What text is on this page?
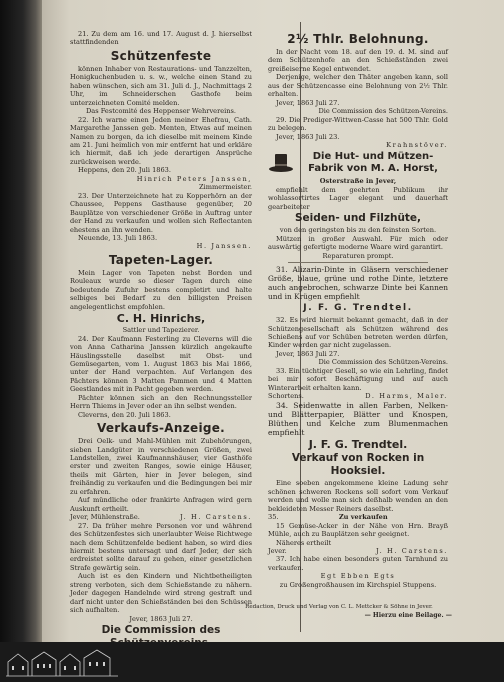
21. Zu dem am 16. und 17. August d. J. hierselbst stattfindenden

Schützenfeste

können Inhaber von Restaurations- und Tanzzelten, Honigkuchenbuden u. s. w., welche einen Stand zu haben wünschen, sich am 31. Juli d. J., Nachmittags 2 Uhr, im Schneiderschen Gasthofe beim unterzeichneten Comité melden.

Das Festcomité des Heppenser Wehrvereins.

22. Ich warne einen Jeden meiner Ehefrau, Cath. Margarethe Janssen geb. Menten, Etwas auf meinen Namen zu borgen, da ich dieselbe mit meinem Kinde am 21. Juni heimlich von mir entfernt hat und erkläre ich hiermit, daß ich jede derartigen Ansprüche zurückweisen werde.

Heppens, den 20. Juli 1863.

Hinrich Peters Janssen,

Zimmermeister.

23. Der Unterzeichnete hat zu Kopperhörn an der Chaussee, Peppens Gasthause gegenüber, 20 Bauplätze von verschiedener Größe in Auftrag unter der Hand zu verkaufen und wollen sich Reflectanten ehestens an ihn wenden.

Neuende, 13. Juli 1863.

H. Janssen.

Tapeten-Lager.

Mein Lager von Tapeten nebst Borden und Rouleaux wurde so dieser Tagen durch eine bedeutende Zufuhr bestens completirt und halte selbiges bei Bedarf zu den billigsten Preisen angelegentlichst empfohlen.

C. H. Hinrichs,

Sattler und Tapezierer.

24. Der Kaufmann Festerling zu Cleverns will die von Anna Catharina Janssen kürzlich angekaufte Häuslingsstelle daselbst mit Obst- und Gemüsegarten, vom 1. August 1863 bis Mai 1866, unter der Hand verpachten. Auf Verlangen des Pächters können 3 Matten Pammen und 4 Matten Geestlandes mit in Pacht gegeben werden.

Pächter können sich an den Rechnungssteller Herrn Thiems in Jever oder an ihn selbst wenden.

Cleverns, den 20. Juli 1863.

Verkaufs-Anzeige.

Drei Oelk- und Mahl-Mühlen mit Zubehörungen, sieben Landgüter in verschiedenen Größen, zwei Landstellen, zwei Kaufmannshäuser, vier Gasthöfe erster und zweiten Ranges, sowie einige Häuser, theils mit Gärten, hier in Jever belegen, sind freihändig zu verkaufen und die Bedingungen bei mir zu erfahren.

Auf mündliche oder frankirte Anfragen wird gern Auskunft ertheilt.

Jever, Mühlenstraße.	J. H. Carstens.

27. Da früher mehre Personen vor und während des Schützenfestes sich unerlaubter Weise Richtwege nach dem Schützenfelde bedient haben, so wird dies hiermit bestens untersagt und darf Jeder, der sich erdreistet sollte darauf zu gehen, einer gesetzlichen Strafe gewärtig sein.

Auch ist es den Kindern und Nichtbetheiligten streng verboten, sich dem Schießstande zu nähern. Jeder dagegen Handelnde wird streng gestraft und darf nicht unter den Schießständen bei den Schüssen sich aufhalten.

Jever, 1863 Juli 27.

Die Commission des
2½ Thlr. Belohnung.

In der Nacht vom 18. auf den 19. d. M. sind auf dem Schützenhofe an den Schießständen zwei greißeiserne Kegel entwendet.

Derjenige, welcher den Thäter angeben kann, soll aus der Schützencasse eine Belohnung von 2½ Thlr. erhalten.

Jever, 1863 Juli 27.

Die Commission des Schützen-Vereins.

29. Die Prediger-Wittwen-Casse hat 500 Thlr. Gold zu belegen.

Jever, 1863 Juli 23.

Krahnstöver.

Die Hut- und Mützen-Fabrik von M. A. Horst,

Osterstraße in Jever,

empfiehlt dem geehrten Publikum ihr wohlassortirtes Lager elegant und dauerhaft gearbeiteter

Seiden- und Filzhüte,

von den geringsten bis zu den feinsten Sorten.

Mützen in großer Auswahl. Für mich oder auswärtig gefertigte moderne Waare wird garantirt.

Reparaturen prompt.

31. Alizarin-Dinte in Gläsern verschiedener Größe, blaue, grüne und rothe Dinte, letztere auch angebrochen, schwarze Dinte bei Kannen und in Krügen empfiehlt

J. F. G. Trendtel.

32. Es wird hiermit bekannt gemacht, daß in der Schützengesellschaft als Schützen während des Schießens auf vor Schüben betreten werden dürfen, Kinder werden gar nicht zugelassen.

Jever, 1863 Juli 27.

Die Commission des Schützen-Vereins.

33. Ein tüchtiger Gesell, so wie ein Lehrling, findet bei mir sofort Beschäftigung und auf auch Winterarbeit erhalten kann.

Schortens.	D. Harms, Maler.

34. Seidenwatte in allen Farben, Nelken- und Blätterpapier, Blätter und Knospen, Blüthen und Kelche zum Blumenmachen empfiehlt

J. F. G. Trendtel.
Verkauf von Rocken in Hooksiel.

Eine soeben angekommene kleine Ladung sehr schönen schweren Rockens soll sofort vom Verkauf werden und wolle man sich deßhalb wenden an den bekleideten Messer Reiners daselbst.

35.	Zu verkaufen

15 Gemüse-Acker in der Nähe von Hrn. Brayß Mühle, auch zu Bauplätzen sehr geeignet.

Näheres ertheilt

Jever.	J. H. Carstens.

37. Ich habe einen besonders guten Tarnhund zu verkaufen.

Egt Ebben Egts

zu Großengroßhausen im Kirchspiel Stuppens.

Redaction, Druck und Verlag von C. L. Mettcker & Söhne in Jever.
— Hierzu eine Beilage. —
